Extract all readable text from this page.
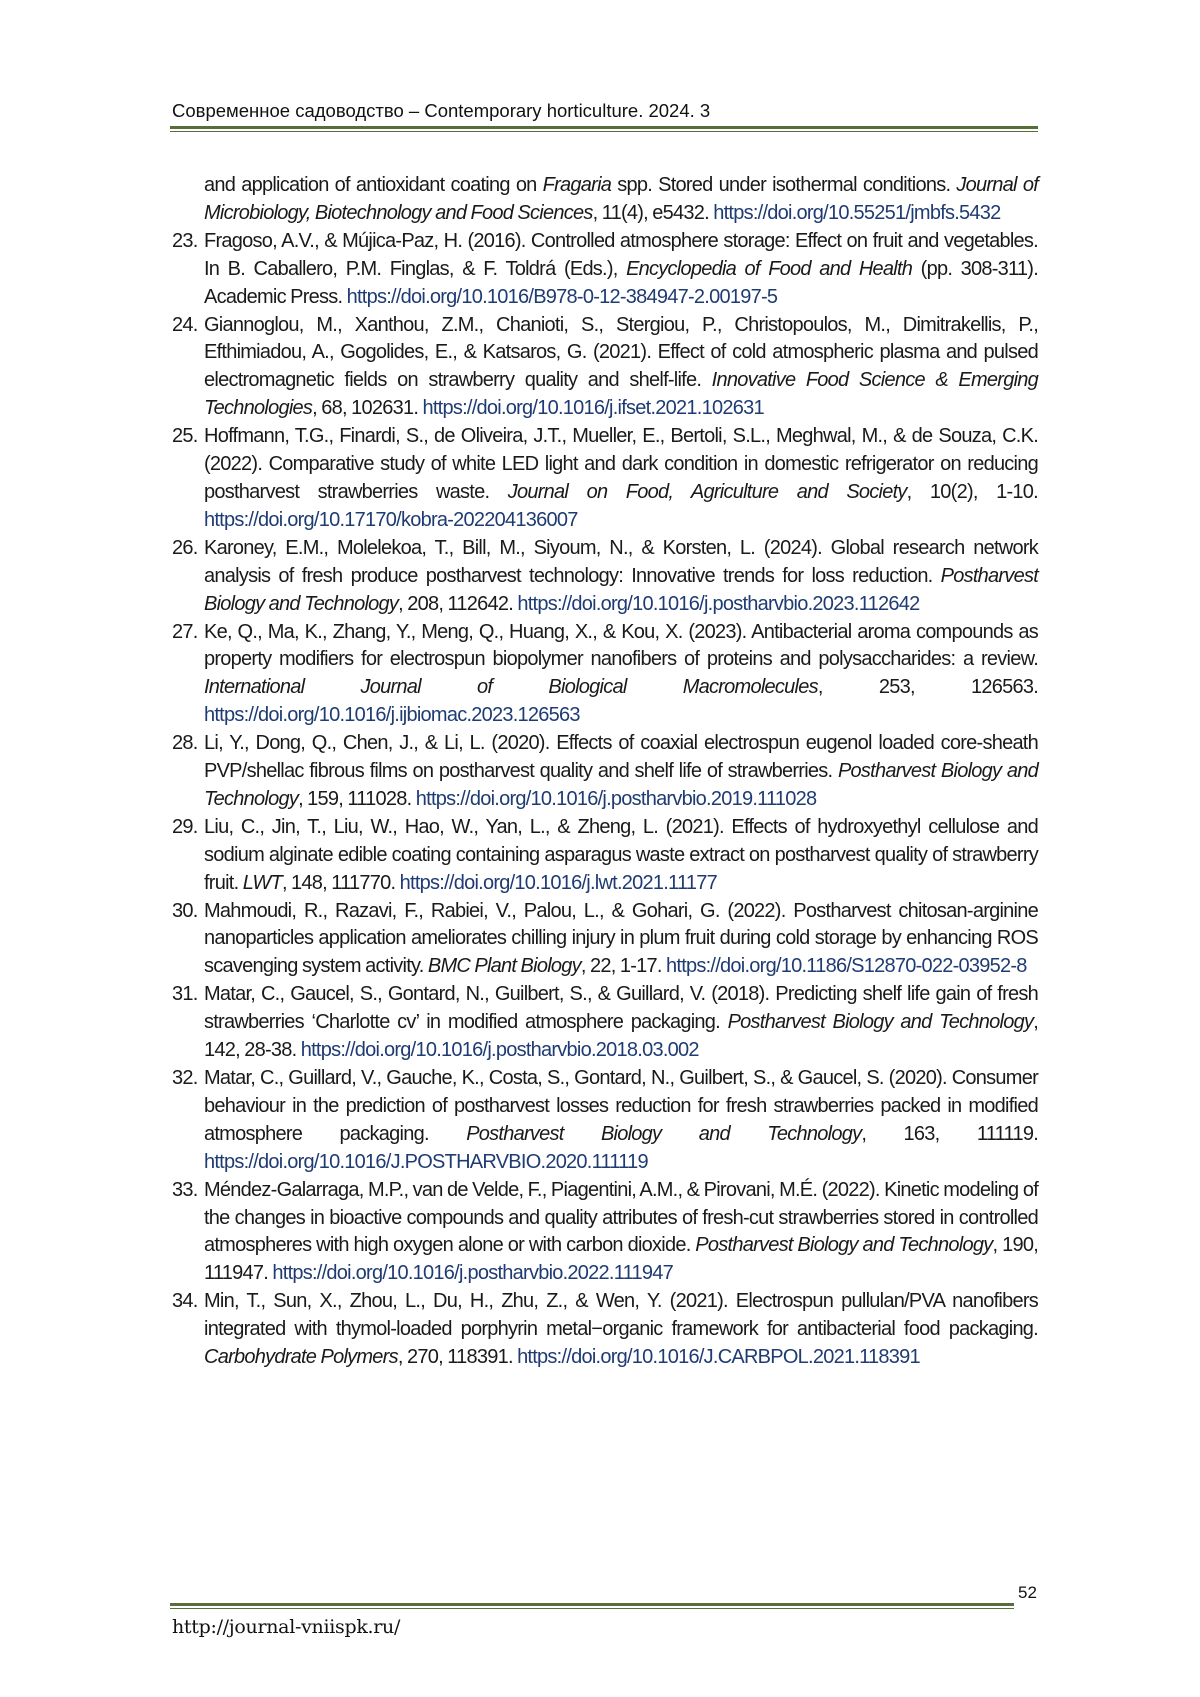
Современное садоводство – Contemporary horticulture. 2024. 3

and application of antioxidant coating on Fragaria spp. Stored under isothermal conditions. Journal of Microbiology, Biotechnology and Food Sciences, 11(4), e5432. https://doi.org/10.55251/jmbfs.5432

23. Fragoso, A.V., & Mújica-Paz, H. (2016). Controlled atmosphere storage: Effect on fruit and vegetables. In B. Caballero, P.M. Finglas, & F. Toldrá (Eds.), Encyclopedia of Food and Health (pp. 308-311). Academic Press. https://doi.org/10.1016/B978-0-12-384947-2.00197-5

24. Giannoglou, M., Xanthou, Z.M., Chanioti, S., Stergiou, P., Christopoulos, M., Dimitrakellis, P., Efthimiadou, A., Gogolides, E., & Katsaros, G. (2021). Effect of cold atmospheric plasma and pulsed electromagnetic fields on strawberry quality and shelf-life. Innovative Food Science & Emerging Technologies, 68, 102631. https://doi.org/10.1016/j.ifset.2021.102631

25. Hoffmann, T.G., Finardi, S., de Oliveira, J.T., Mueller, E., Bertoli, S.L., Meghwal, M., & de Souza, C.K. (2022). Comparative study of white LED light and dark condition in domestic refrigerator on reducing postharvest strawberries waste. Journal on Food, Agriculture and Society, 10(2), 1-10. https://doi.org/10.17170/kobra-202204136007

26. Karoney, E.M., Molelekoa, T., Bill, M., Siyoum, N., & Korsten, L. (2024). Global research network analysis of fresh produce postharvest technology: Innovative trends for loss reduction. Postharvest Biology and Technology, 208, 112642. https://doi.org/10.1016/j.postharvbio.2023.112642

27. Ke, Q., Ma, K., Zhang, Y., Meng, Q., Huang, X., & Kou, X. (2023). Antibacterial aroma compounds as property modifiers for electrospun biopolymer nanofibers of proteins and polysaccharides: a review. International Journal of Biological Macromolecules, 253, 126563. https://doi.org/10.1016/j.ijbiomac.2023.126563

28. Li, Y., Dong, Q., Chen, J., & Li, L. (2020). Effects of coaxial electrospun eugenol loaded core-sheath PVP/shellac fibrous films on postharvest quality and shelf life of strawberries. Postharvest Biology and Technology, 159, 111028. https://doi.org/10.1016/j.postharvbio.2019.111028

29. Liu, C., Jin, T., Liu, W., Hao, W., Yan, L., & Zheng, L. (2021). Effects of hydroxyethyl cellulose and sodium alginate edible coating containing asparagus waste extract on postharvest quality of strawberry fruit. LWT, 148, 111770. https://doi.org/10.1016/j.lwt.2021.11177

30. Mahmoudi, R., Razavi, F., Rabiei, V., Palou, L., & Gohari, G. (2022). Postharvest chitosan-arginine nanoparticles application ameliorates chilling injury in plum fruit during cold storage by enhancing ROS scavenging system activity. BMC Plant Biology, 22, 1-17. https://doi.org/10.1186/S12870-022-03952-8

31. Matar, C., Gaucel, S., Gontard, N., Guilbert, S., & Guillard, V. (2018). Predicting shelf life gain of fresh strawberries ‘Charlotte cv’ in modified atmosphere packaging. Postharvest Biology and Technology, 142, 28-38. https://doi.org/10.1016/j.postharvbio.2018.03.002

32. Matar, C., Guillard, V., Gauche, K., Costa, S., Gontard, N., Guilbert, S., & Gaucel, S. (2020). Consumer behaviour in the prediction of postharvest losses reduction for fresh strawberries packed in modified atmosphere packaging. Postharvest Biology and Technology, 163, 111119. https://doi.org/10.1016/J.POSTHARVBIO.2020.111119

33. Méndez-Galarraga, M.P., van de Velde, F., Piagentini, A.M., & Pirovani, M.É. (2022). Kinetic modeling of the changes in bioactive compounds and quality attributes of fresh-cut strawberries stored in controlled atmospheres with high oxygen alone or with carbon dioxide. Postharvest Biology and Technology, 190, 111947. https://doi.org/10.1016/j.postharvbio.2022.111947

34. Min, T., Sun, X., Zhou, L., Du, H., Zhu, Z., & Wen, Y. (2021). Electrospun pullulan/PVA nanofibers integrated with thymol-loaded porphyrin metal−organic framework for antibacterial food packaging. Carbohydrate Polymers, 270, 118391. https://doi.org/10.1016/J.CARBPOL.2021.118391

52
http://journal-vniispk.ru/
